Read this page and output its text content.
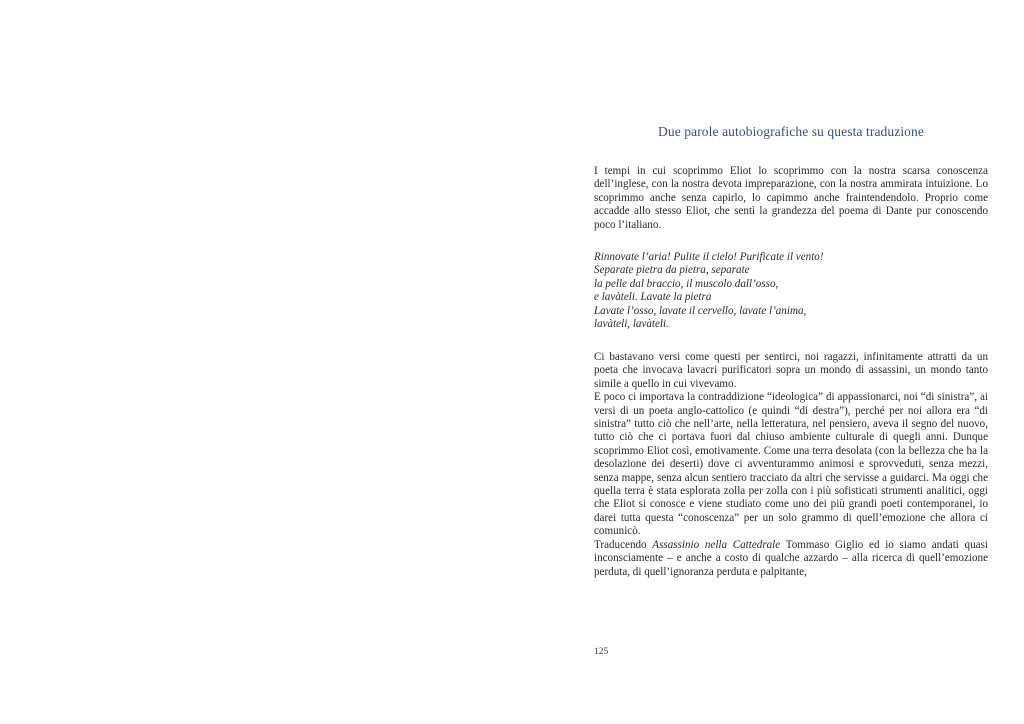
Due parole autobiografiche su questa traduzione

I tempi in cui scoprimmo Eliot lo scoprimmo con la nostra scarsa conoscenza dell’inglese, con la nostra devota impreparazione, con la nostra ammirata intuizione. Lo scoprimmo anche senza capirlo, lo capimmo anche fraintendendolo. Proprio come accadde allo stesso Eliot, che sentì la grandezza del poema di Dante pur conoscendo poco l’italiano.

Rinnovate l’aria! Pulite il cielo! Purificate il vento!
Separate pietra da pietra, separate
la pelle dal braccio, il muscolo dall’osso,
e lavàteli. Lavate la pietra
Lavate l’osso, lavate il cervello, lavate l’anima,
lavàteli, lavàteli.

Ci bastavano versi come questi per sentirci, noi ragazzi, infinitamente attratti da un poeta che invocava lavacri purificatori sopra un mondo di assassini, un mondo tanto simile a quello in cui vivevamo.

E poco ci importava la contraddizione “ideologica” di appassionarci, noi “di sinistra”, ai versi di un poeta anglo-cattolico (e quindi “di destra”), perché per noi allora era “di sinistra” tutto ciò che nell’arte, nella letteratura, nel pensiero, aveva il segno del nuovo, tutto ciò che ci portava fuori dal chiuso ambiente culturale di quegli anni. Dunque scoprimmo Eliot così, emotivamente. Come una terra desolata (con la bellezza che ha la desolazione dei deserti) dove ci avventurammo animosi e sprovveduti, senza mezzi, senza mappe, senza alcun sentiero tracciato da altri che servisse a guidarci. Ma oggi che quella terra è stata esplorata zolla per zolla con i più sofisticati strumenti analitici, oggi che Eliot si conosce e viene studiato come uno dei più grandi poeti contemporanei, io darei tutta questa “conoscenza” per un solo grammo di quell’emozione che allora ci comunicò.

Traducendo Assassinio nella Cattedrale Tommaso Giglio ed io siamo andati quasi inconsciamente – e anche a costo di qualche azzardo – alla ricerca di quell’emozione perduta, di quell’ignoranza perduta e palpitante,

125
